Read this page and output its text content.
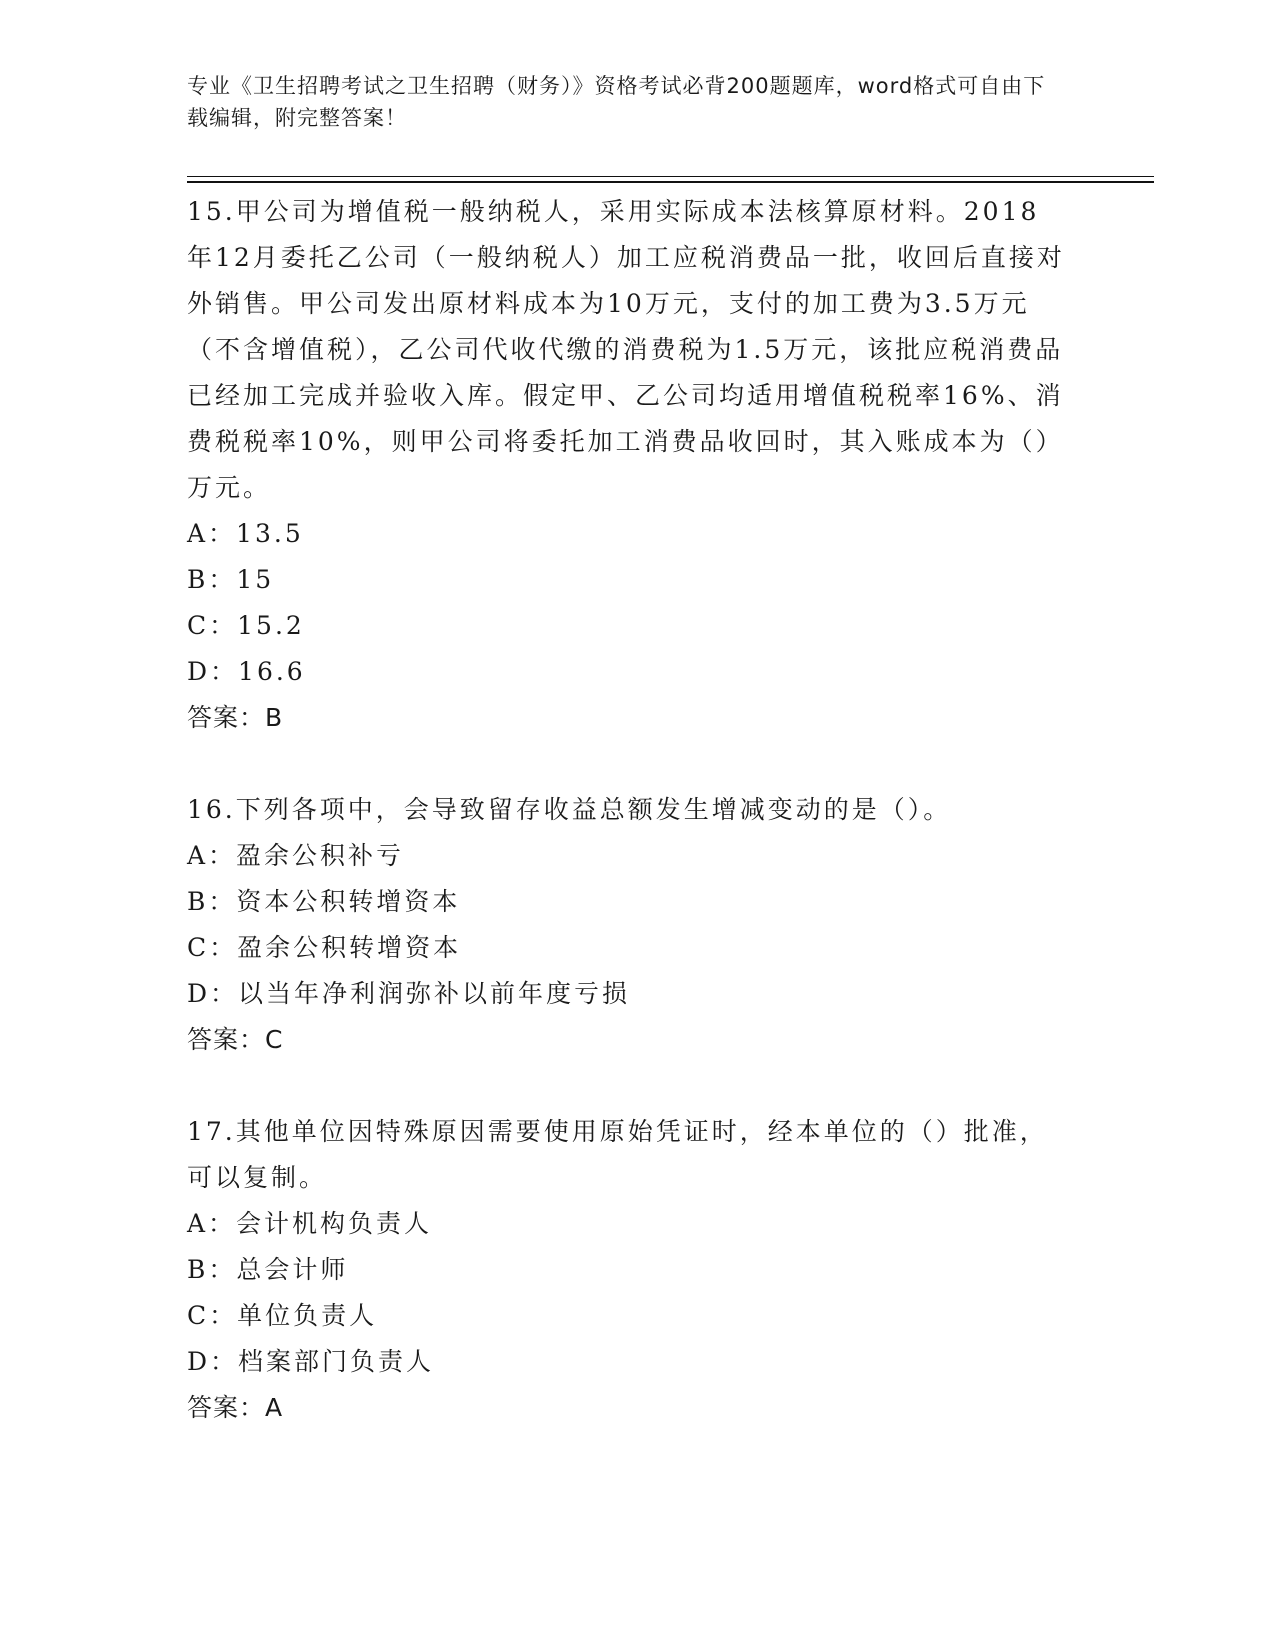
专业《卫生招聘考试之卫生招聘（财务）》资格考试必背200题题库，word格式可自由下载编辑，附完整答案！

15.甲公司为增值税一般纳税人，采用实际成本法核算原材料。2018年12月委托乙公司（一般纳税人）加工应税消费品一批，收回后直接对外销售。甲公司发出原材料成本为10万元，支付的加工费为3.5万元（不含增值税），乙公司代收代缴的消费税为1.5万元，该批应税消费品已经加工完成并验收入库。假定甲、乙公司均适用增值税税率16%、消费税税率10%，则甲公司将委托加工消费品收回时，其入账成本为（）万元。

A：13.5

B：15

C：15.2

D：16.6

答案：B

16.下列各项中，会导致留存收益总额发生增减变动的是（）。

A：盈余公积补亏

B：资本公积转增资本

C：盈余公积转增资本

D：以当年净利润弥补以前年度亏损

答案：C

17.其他单位因特殊原因需要使用原始凭证时，经本单位的（）批准，可以复制。

A：会计机构负责人

B：总会计师

C：单位负责人

D：档案部门负责人

答案：A
